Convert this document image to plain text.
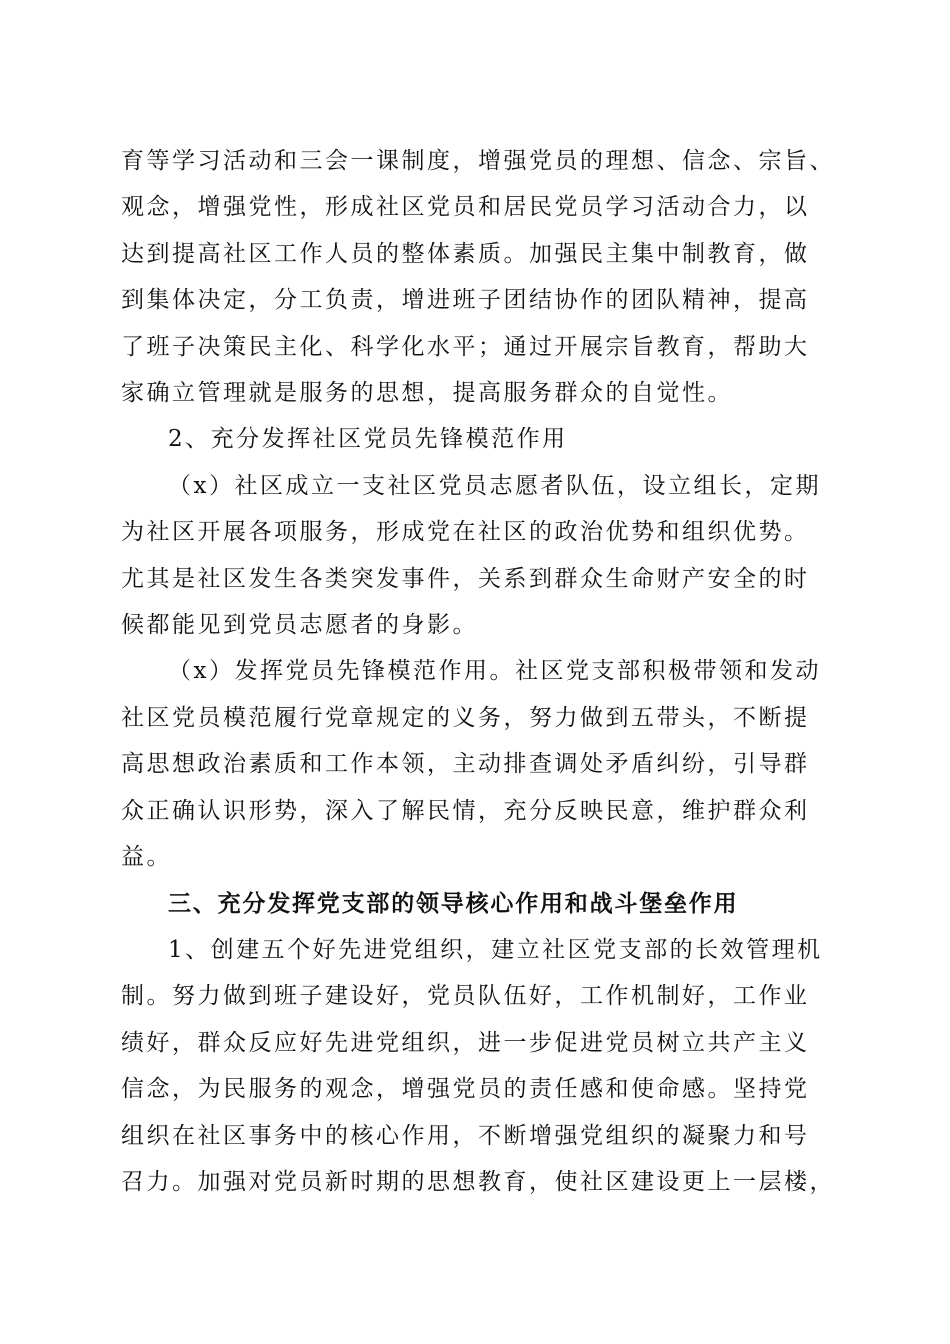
育等学习活动和三会一课制度，增强党员的理想、信念、宗旨、
观念，增强党性，形成社区党员和居民党员学习活动合力，以
达到提高社区工作人员的整体素质。加强民主集中制教育，做
到集体决定，分工负责，增进班子团结协作的团队精神，提高
了班子决策民主化、科学化水平；通过开展宗旨教育，帮助大
家确立管理就是服务的思想，提高服务群众的自觉性。

2、充分发挥社区党员先锋模范作用

（x）社区成立一支社区党员志愿者队伍，设立组长，定期
为社区开展各项服务，形成党在社区的政治优势和组织优势。
尤其是社区发生各类突发事件，关系到群众生命财产安全的时
候都能见到党员志愿者的身影。

（x）发挥党员先锋模范作用。社区党支部积极带领和发动
社区党员模范履行党章规定的义务，努力做到五带头，不断提
高思想政治素质和工作本领，主动排查调处矛盾纠纷，引导群
众正确认识形势，深入了解民情，充分反映民意，维护群众利
益。

三、充分发挥党支部的领导核心作用和战斗堡垒作用

1、创建五个好先进党组织，建立社区党支部的长效管理机
制。努力做到班子建设好，党员队伍好，工作机制好，工作业
绩好，群众反应好先进党组织，进一步促进党员树立共产主义
信念，为民服务的观念，增强党员的责任感和使命感。坚持党
组织在社区事务中的核心作用，不断增强党组织的凝聚力和号
召力。加强对党员新时期的思想教育，使社区建设更上一层楼，
